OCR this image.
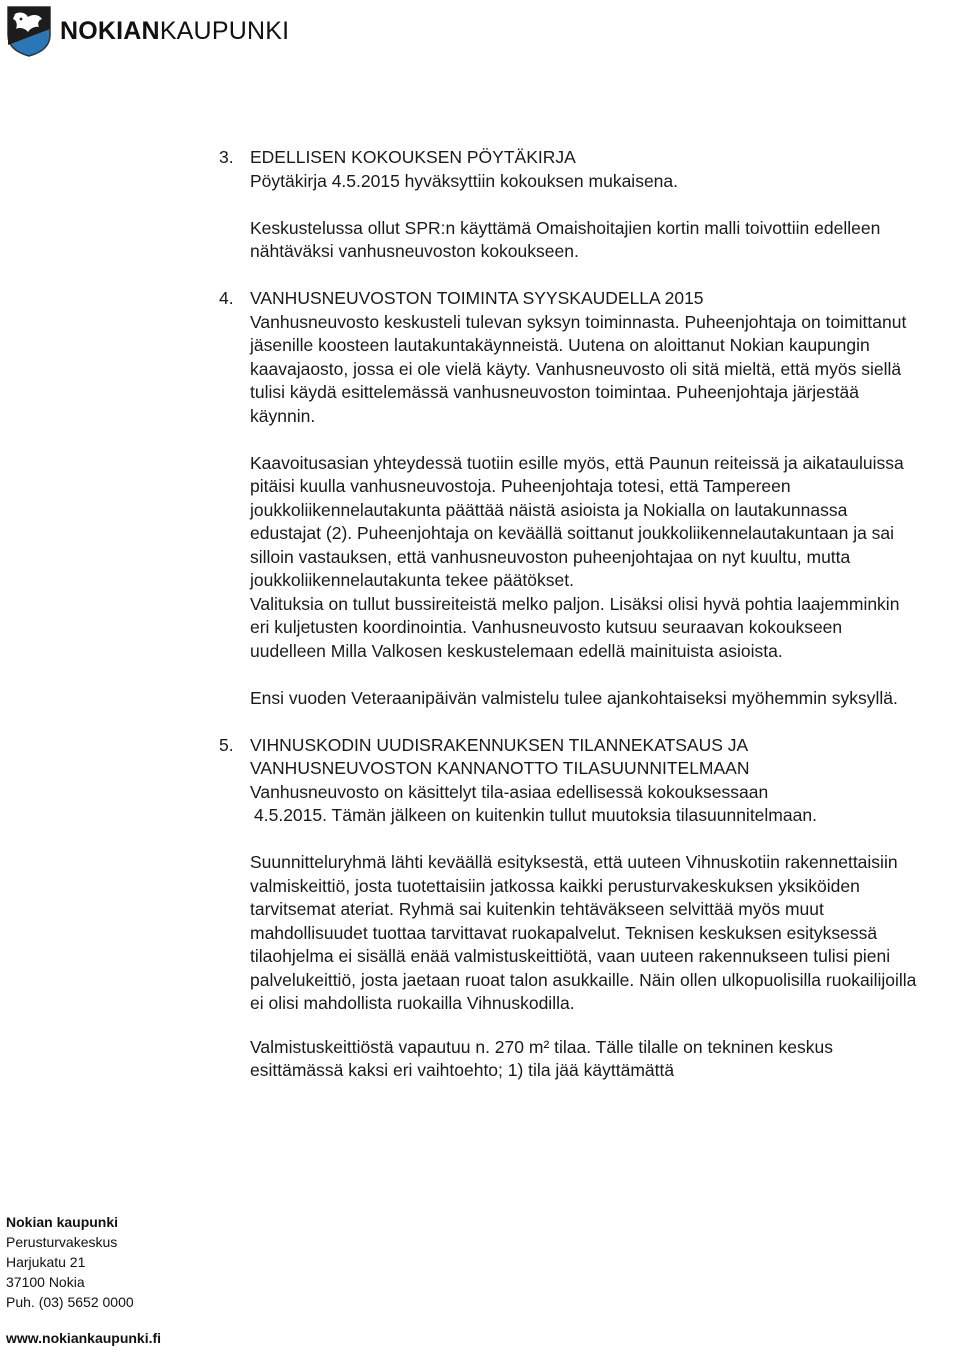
NOKIANKAUPUNKI
3. EDELLISEN KOKOUKSEN PÖYTÄKIRJA

Pöytäkirja 4.5.2015 hyväksyttiin kokouksen mukaisena.

Keskustelussa ollut SPR:n käyttämä Omaishoitajien kortin malli toivottiin edelleen nähtäväksi vanhusneuvoston kokoukseen.

4. VANHUSNEUVOSTON TOIMINTA SYYSKAUDELLA 2015

Vanhusneuvosto keskusteli tulevan syksyn toiminnasta. Puheenjohtaja on toimittanut jäsenille koosteen lautakuntakäynneistä. Uutena on aloittanut Nokian kaupungin kaavajaosto, jossa ei ole vielä käyty. Vanhusneuvosto oli sitä mieltä, että myös siellä tulisi käydä esittelemässä vanhusneuvoston toimintaa. Puheenjohtaja järjestää käynnin.

Kaavoitusasian yhteydessä tuotiin esille myös, että Paunun reiteissä ja aikatauluissa pitäisi kuulla vanhusneuvostoja. Puheenjohtaja totesi, että Tampereen joukkoliikennelautakunta päättää näistä asioista ja Nokialla on lautakunnassa edustajat (2). Puheenjohtaja on keväällä soittanut joukkoliikennelautakuntaan ja sai silloin vastauksen, että vanhusneuvoston puheenjohtajaa on nyt kuultu, mutta joukkoliikennelautakunta tekee päätökset.

Valituksia on tullut bussireiteistä melko paljon. Lisäksi olisi hyvä pohtia laajemminkin eri kuljetusten koordinointia. Vanhusneuvosto kutsuu seuraavan kokoukseen uudelleen Milla Valkosen keskustelemaan edellä mainituista asioista.

Ensi vuoden Veteraanipäivän valmistelu tulee ajankohtaiseksi myöhemmin syksyllä.

5. VIHNUSKODIN UUDISRAKENNUKSEN TILANNEKATSAUS JA

VANHUSNEUVOSTON KANNANOTTO TILASUUNNITELMAAN

Vanhusneuvosto on käsittelyt tila-asiaa edellisessä kokouksessaan

4.5.2015. Tämän jälkeen on kuitenkin tullut muutoksia tilasuunnitelmaan.

Suunnitteluryhmä lähti keväällä esityksestä, että uuteen Vihnuskotiin rakennettaisiin valmiskeittiö, josta tuotettaisiin jatkossa kaikki perusturvakeskuksen yksiköiden tarvitsemat ateriat. Ryhmä sai kuitenkin tehtäväkseen selvittää myös muut mahdollisuudet tuottaa tarvittavat ruokapalvelut. Teknisen keskuksen esityksessä tilaohjelma ei sisällä enää valmistuskeittiötä, vaan uuteen rakennukseen tulisi pieni palvelukeittiö, josta jaetaan ruoat talon asukkaille. Näin ollen ulkopuolisilla ruokailijoilla ei olisi mahdollista ruokailla Vihnuskodilla.

Valmistuskeittiöstä vapautuu n. 270 m² tilaa. Tälle tilalle on tekninen keskus esittämässä kaksi eri vaihtoehto; 1) tila jää käyttämättä

Nokian kaupunki
Perusturvakeskus
Harjukatu 21
37100 Nokia
Puh. (03) 5652 0000
www.nokiankaupunki.fi
